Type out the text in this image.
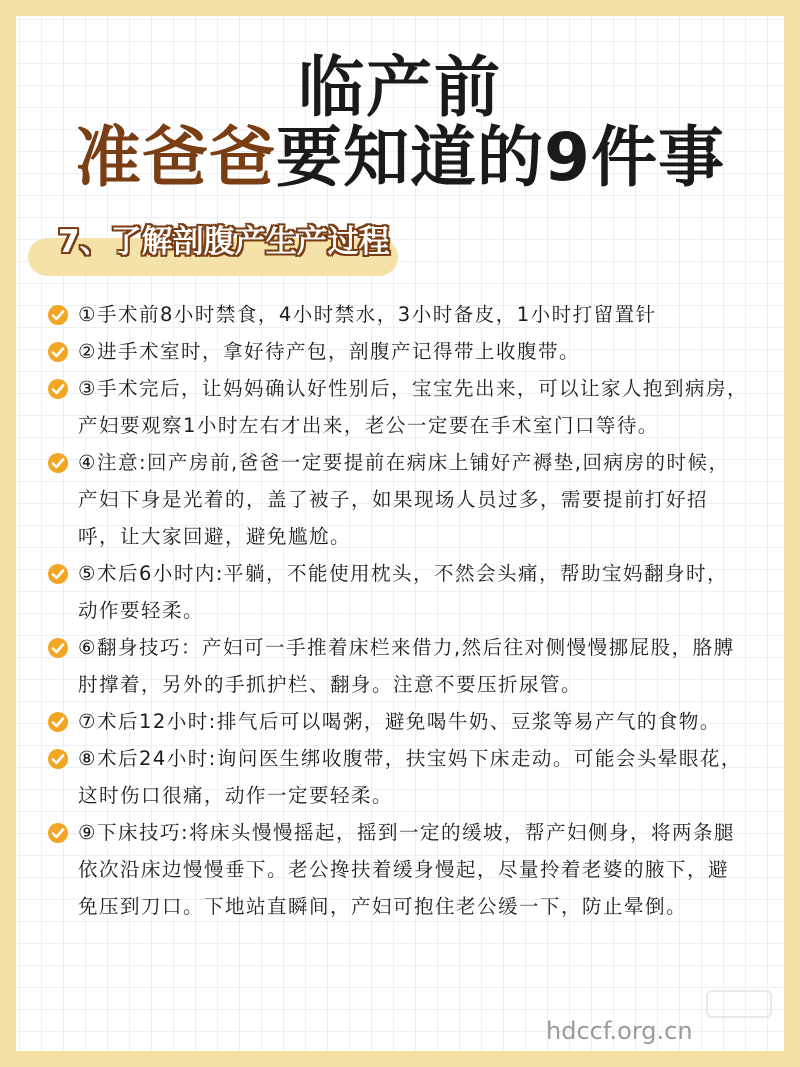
临产前
准爸爸要知道的9件事
7、了解剖腹产生产过程
①手术前8小时禁食，4小时禁水，3小时备皮，1小时打留置针
②进手术室时，拿好待产包，剖腹产记得带上收腹带。
③手术完后，让妈妈确认好性别后，宝宝先出来，可以让家人抱到病房，产妇要观察1小时左右才出来，老公一定要在手术室门口等待。
④注意:回产房前,爸爸一定要提前在病床上铺好产褥垫,回病房的时候，产妇下身是光着的，盖了被子，如果现场人员过多，需要提前打好招呼，让大家回避，避免尴尬。
⑤术后6小时内:平躺，不能使用枕头，不然会头痛，帮助宝妈翻身时，动作要轻柔。
⑥翻身技巧：产妇可一手推着床栏来借力,然后往对侧慢慢挪屁股，胳膊肘撑着，另外的手抓护栏、翻身。注意不要压折尿管。
⑦术后12小时:排气后可以喝粥，避免喝牛奶、豆浆等易产气的食物。
⑧术后24小时:询问医生绑收腹带，扶宝妈下床走动。可能会头晕眼花，这时伤口很痛，动作一定要轻柔。
⑨下床技巧:将床头慢慢摇起，摇到一定的缓坡，帮产妇侧身，将两条腿依次沿床边慢慢垂下。老公搀扶着缓身慢起，尽量拎着老婆的腋下，避免压到刀口。下地站直瞬间，产妇可抱住老公缓一下，防止晕倒。
hdccf.org.cn
